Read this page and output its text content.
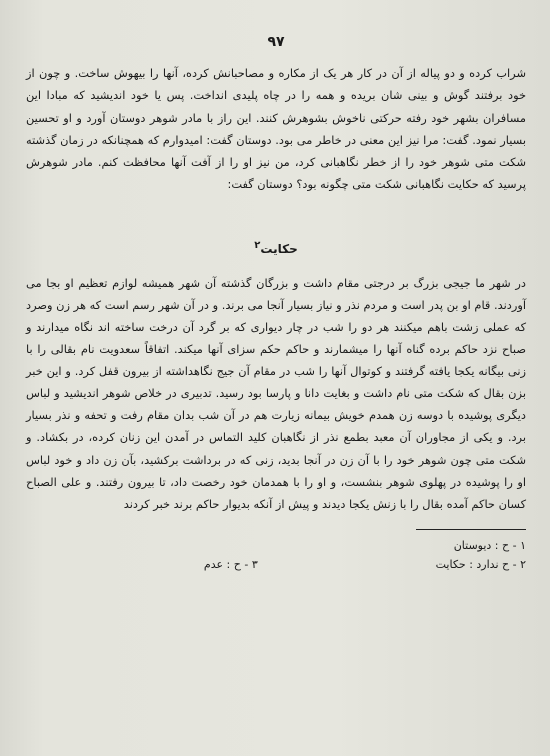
۹۷

شراب کرده و دو پیاله از آن در کار هر یک از مکاره و مصاحبانش کرده، آنها را بیهوش ساخت. و چون از خود برفتند گوش و بینی شان بریده و همه را در چاه پلیدی انداخت. پس یا خود اندیشید که مبادا این مسافران بشهر خود رفته حرکتی ناخوش بشوهرش کنند. این راز با مادر شوهر دوستان آورد و او تحسین بسیار نمود. گفت: مرا نیز این معنی در خاطر می بود. دوستان گفت: امیدوارم که همچنانکه در زمان گذشته شکت متی شوهر خود را از خطر نگاهبانی کرد، من نیز او را از آفت آنها محافظت کنم. مادر شوهرش پرسید که حکایت نگاهبانی شکت متی چگونه بود؟ دوستان گفت:

حکایت$^۲$

در شهر ما جیجی بزرگ بر درجتی مقام داشت و بزرگان گذشته آن شهر همیشه لوازم تعظیم او بجا می آوردند. قام او بن پدر است و مردم نذر و نیاز بسیار آنجا می برند. و در آن شهر رسم است که هر زن وصرد که عملی زشت باهم میکنند هر دو را شب در چار دیواری که بر گرد آن درخت ساخته اند نگاه میدارند و صباح نزد حاکم برده گناه آنها را میشمارند و حاکم حکم سزای آنها میکند. اتفاقاً سعدویت نام بقالی را با زنی بیگانه یکجا یافته گرفتند و کوتوال آنها را شب در مقام آن جیج نگاهداشته از بیرون قفل کرد. و این خبر بزن بقال که شکت متی نام داشت و بغایت دانا و پارسا بود رسید. تدبیری در خلاص شوهر اندیشید و لباس دیگری پوشیده با دوسه زن همدم خویش بیمانه زیارت هم در آن شب بدان مقام رفت و تحفه و نذر بسیار برد. و یکی از مجاوران آن معبد بطمع نذر از نگاهبان کلید التماس در آمدن این زنان کرده، در بکشاد. و شکت متی چون شوهر خود را با آن زن در آنجا بدید، زنی که در برداشت برکشید، بآن زن داد و خود لباس او را پوشیده در پهلوی شوهر بنشست، و او را با همدمان خود رخصت داد، تا بیرون رفتند. و علی الصباح کسان حاکم آمده بقال را با زنش یکجا دیدند و پیش از آنکه بدیوار حاکم برند خبر کردند

۱ - ح : دیوستان
۲ - ح ندارد : حکایت
۳ - ح : عدم
